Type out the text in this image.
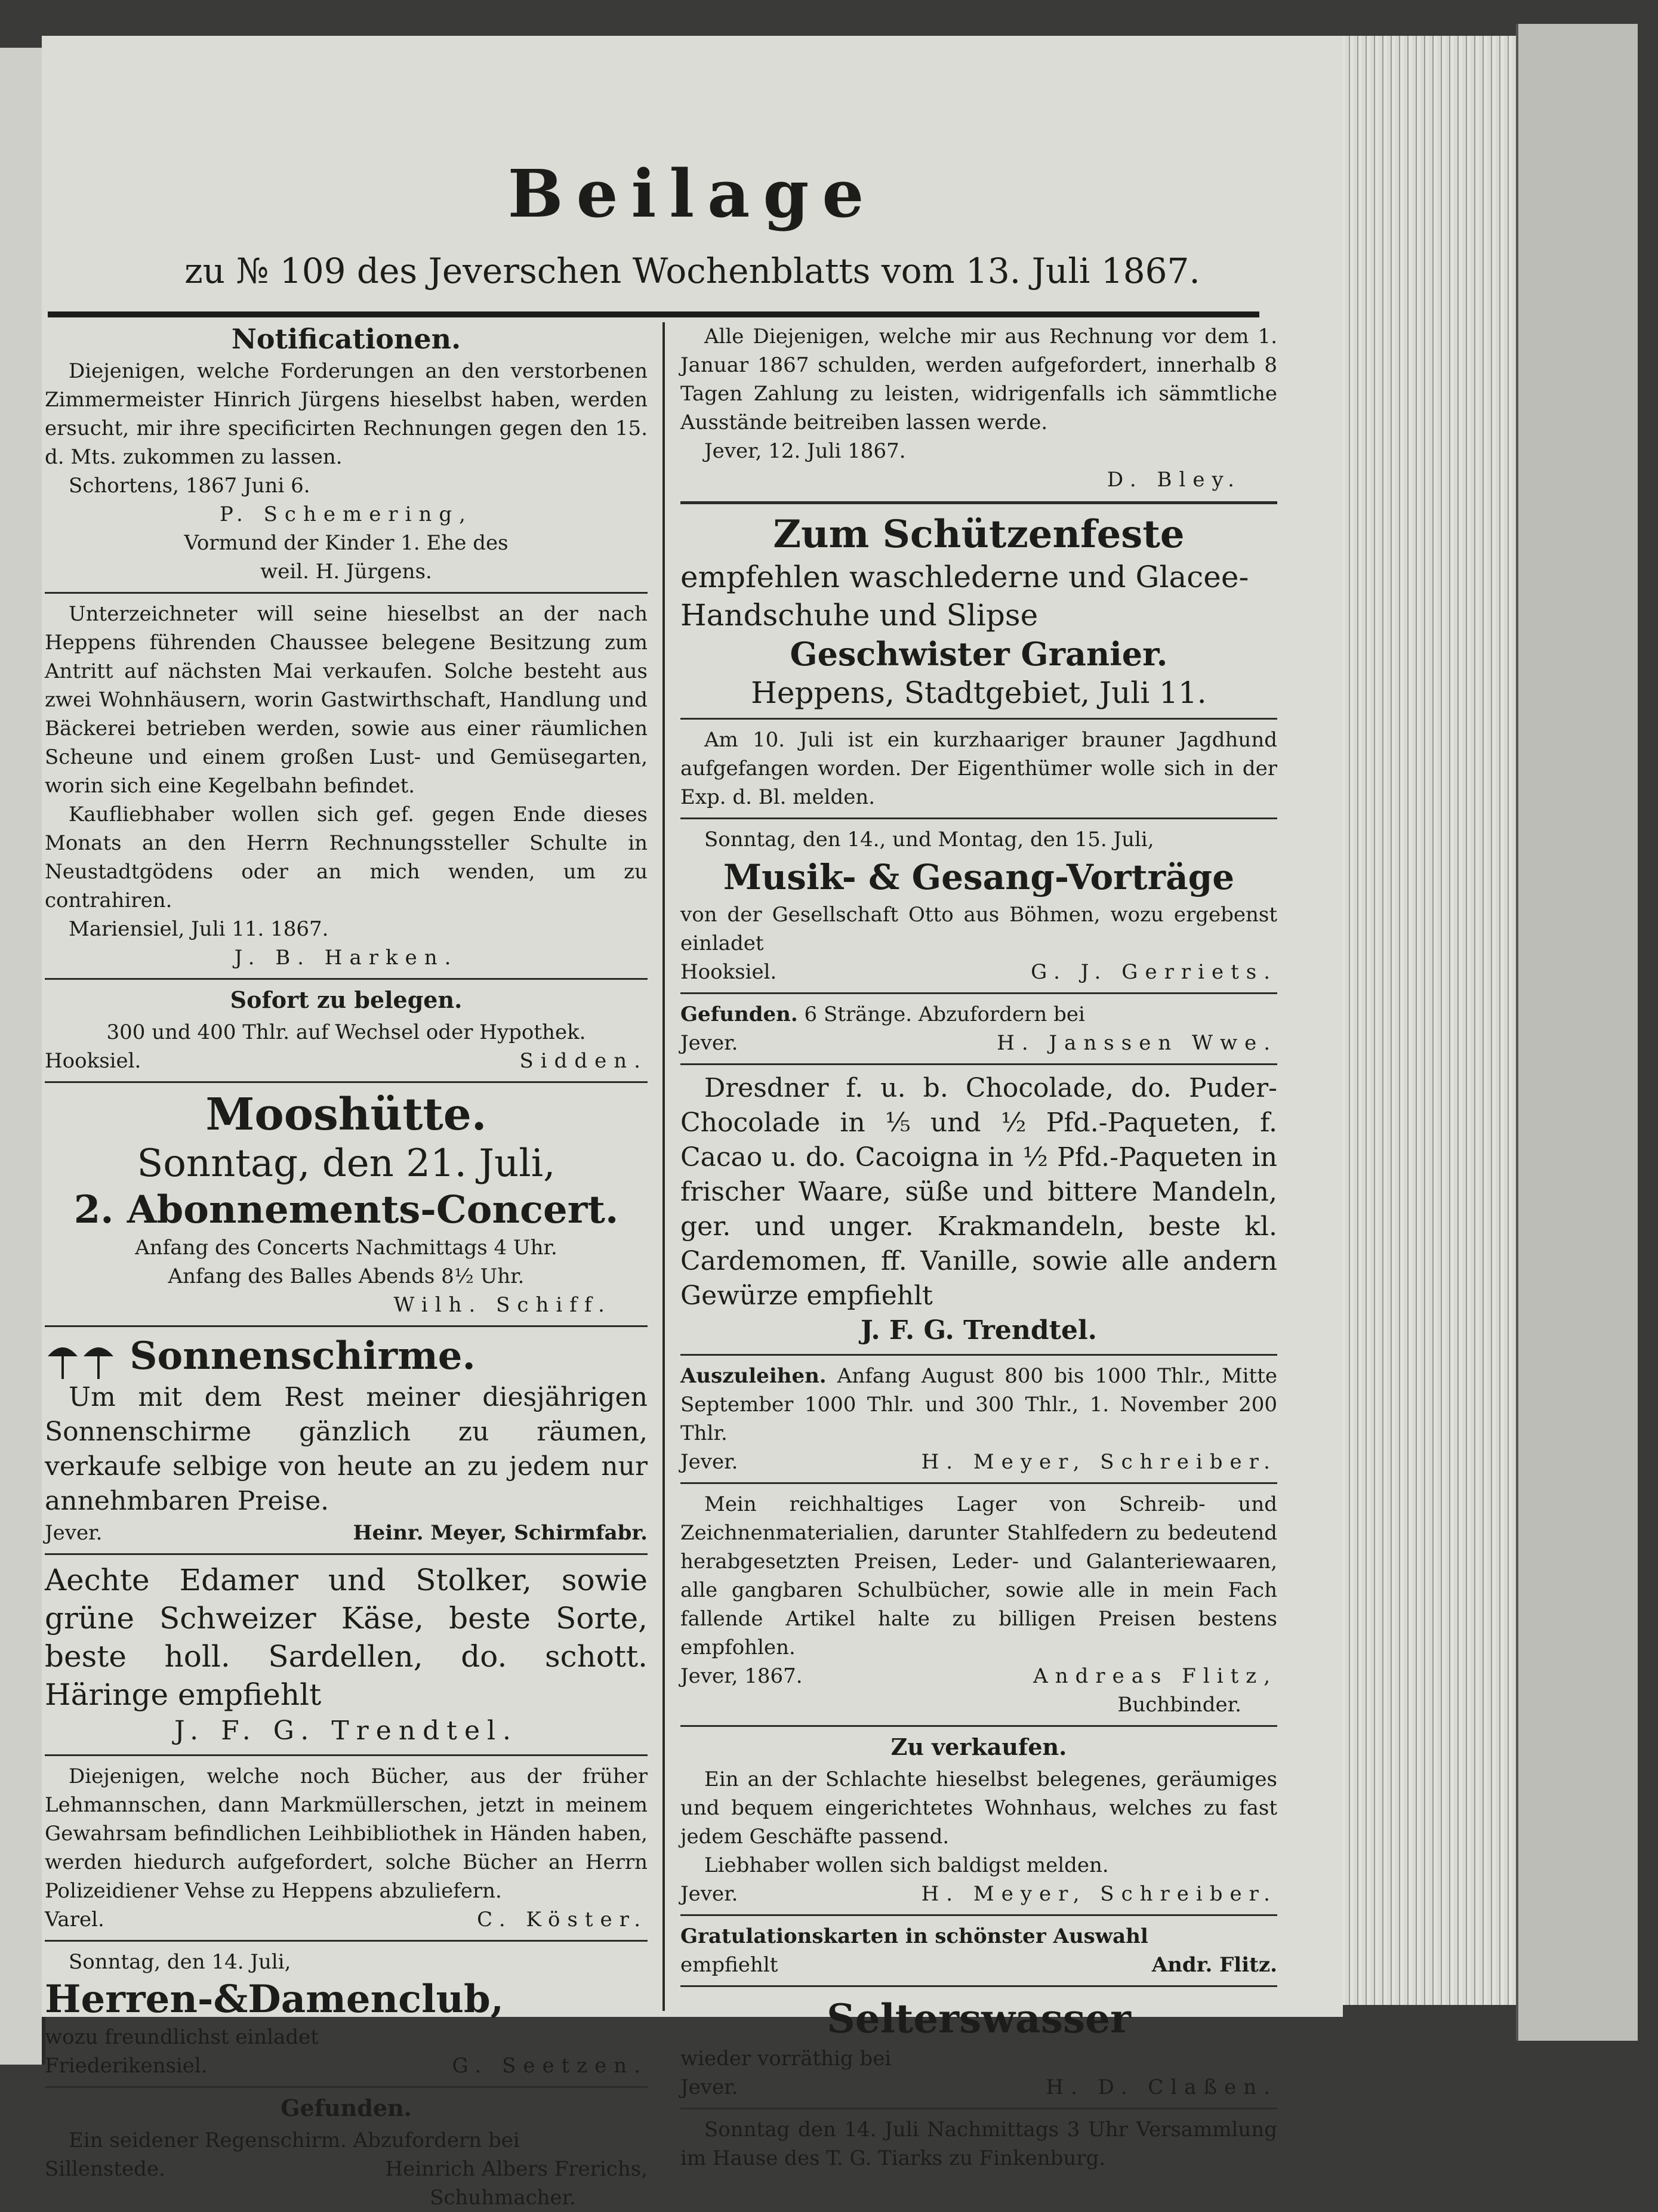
Beilage
zu № 109 des Jeverschen Wochenblatts vom 13. Juli 1867.
Notificationen.

Diejenigen, welche Forderungen an den verstorbenen Zimmermeister Hinrich Jürgens hieselbst haben, werden ersucht, mir ihre specificirten Rechnungen gegen den 15. d. Mts. zukommen zu lassen.

Schortens, 1867 Juni 6.

P. Schemering,

Vormund der Kinder 1. Ehe des

weil. H. Jürgens.

Unterzeichneter will seine hieselbst an der nach Heppens führenden Chaussee belegene Besitzung zum Antritt auf nächsten Mai verkaufen. Solche besteht aus zwei Wohnhäusern, worin Gastwirthschaft, Handlung und Bäckerei betrieben werden, sowie aus einer räumlichen Scheune und einem großen Lust- und Gemüsegarten, worin sich eine Kegelbahn befindet.

Kaufliebhaber wollen sich gef. gegen Ende dieses Monats an den Herrn Rechnungssteller Schulte in Neustadtgödens oder an mich wenden, um zu contrahiren.

Mariensiel, Juli 11. 1867.

J. B. Harken.

Sofort zu belegen.

300 und 400 Thlr. auf Wechsel oder Hypothek.

Hooksiel.	Sidden.
Mooshütte.
Sonntag, den 21. Juli,
2. Abonnements-Concert.

Anfang des Concerts Nachmittags 4 Uhr.

Anfang des Balles Abends 8½ Uhr.

Wilh. Schiff.

Sonnenschirme.

Um mit dem Rest meiner diesjährigen Sonnenschirme gänzlich zu räumen, verkaufe selbige von heute an zu jedem nur annehmbaren Preise.

Jever.	Heinr. Meyer, Schirmfabr.

Aechte Edamer und Stolker, sowie grüne Schweizer Käse, beste Sorte, beste holl. Sardellen, do. schott. Häringe empfiehlt

J. F. G. Trendtel.

Diejenigen, welche noch Bücher, aus der früher Lehmannschen, dann Markmüllerschen, jetzt in meinem Gewahrsam befindlichen Leihbibliothek in Händen haben, werden hiedurch aufgefordert, solche Bücher an Herrn Polizeidiener Vehse zu Heppens abzuliefern.

Varel.	C. Köster.

Sonntag, den 14. Juli,

Herren-&Damenclub,

wozu freundlichst einladet

Friederikensiel.	G. Seetzen.
Gefunden.

Ein seidener Regenschirm. Abzufordern bei

Sillenstede.	Heinrich Albers Frerichs,

Schuhmacher.

Alle Diejenigen, welche mir aus Rechnung vor dem 1. Januar 1867 schulden, werden aufgefordert, innerhalb 8 Tagen Zahlung zu leisten, widrigenfalls ich sämmtliche Ausstände beitreiben lassen werde.

Jever, 12. Juli 1867.

D. Bley.

Zum Schützenfeste

empfehlen waschlederne und Glacee-

Handschuhe und Slipse

Geschwister Granier.

Heppens, Stadtgebiet, Juli 11.

Am 10. Juli ist ein kurzhaariger brauner Jagdhund aufgefangen worden. Der Eigenthümer wolle sich in der Exp. d. Bl. melden.

Sonntag, den 14., und Montag, den 15. Juli,

Musik- & Gesang-Vorträge

von der Gesellschaft Otto aus Böhmen, wozu ergebenst einladet

Hooksiel.	G. J. Gerriets.

Gefunden. 6 Stränge. Abzufordern bei

Jever.	H. Janssen Wwe.

Dresdner f. u. b. Chocolade, do. Puder-Chocolade in ⅕ und ½ Pfd.-Paqueten, f. Cacao u. do. Cacoigna in ½ Pfd.-Paqueten in frischer Waare, süße und bittere Mandeln, ger. und unger. Krakmandeln, beste kl. Cardemomen, ff. Vanille, sowie alle andern Gewürze empfiehlt

J. F. G. Trendtel.

Auszuleihen. Anfang August 800 bis 1000 Thlr., Mitte September 1000 Thlr. und 300 Thlr., 1. November 200 Thlr.

Jever.	H. Meyer, Schreiber.

Mein reichhaltiges Lager von Schreib- und Zeichnenmaterialien, darunter Stahlfedern zu bedeutend herabgesetzten Preisen, Leder- und Galanteriewaaren, alle gangbaren Schulbücher, sowie alle in mein Fach fallende Artikel halte zu billigen Preisen bestens empfohlen.

Jever, 1867.	Andreas Flitz,

Buchbinder.

Zu verkaufen.

Ein an der Schlachte hieselbst belegenes, geräumiges und bequem eingerichtetes Wohnhaus, welches zu fast jedem Geschäfte passend.

Liebhaber wollen sich baldigst melden.

Jever.	H. Meyer, Schreiber.

Gratulationskarten in schönster Auswahl

empfiehlt	Andr. Flitz.
Selterswasser

wieder vorräthig bei

Jever.	H. D. Claßen.

Sonntag den 14. Juli Nachmittags 3 Uhr Versammlung im Hause des T. G. Tiarks zu Finkenburg.
